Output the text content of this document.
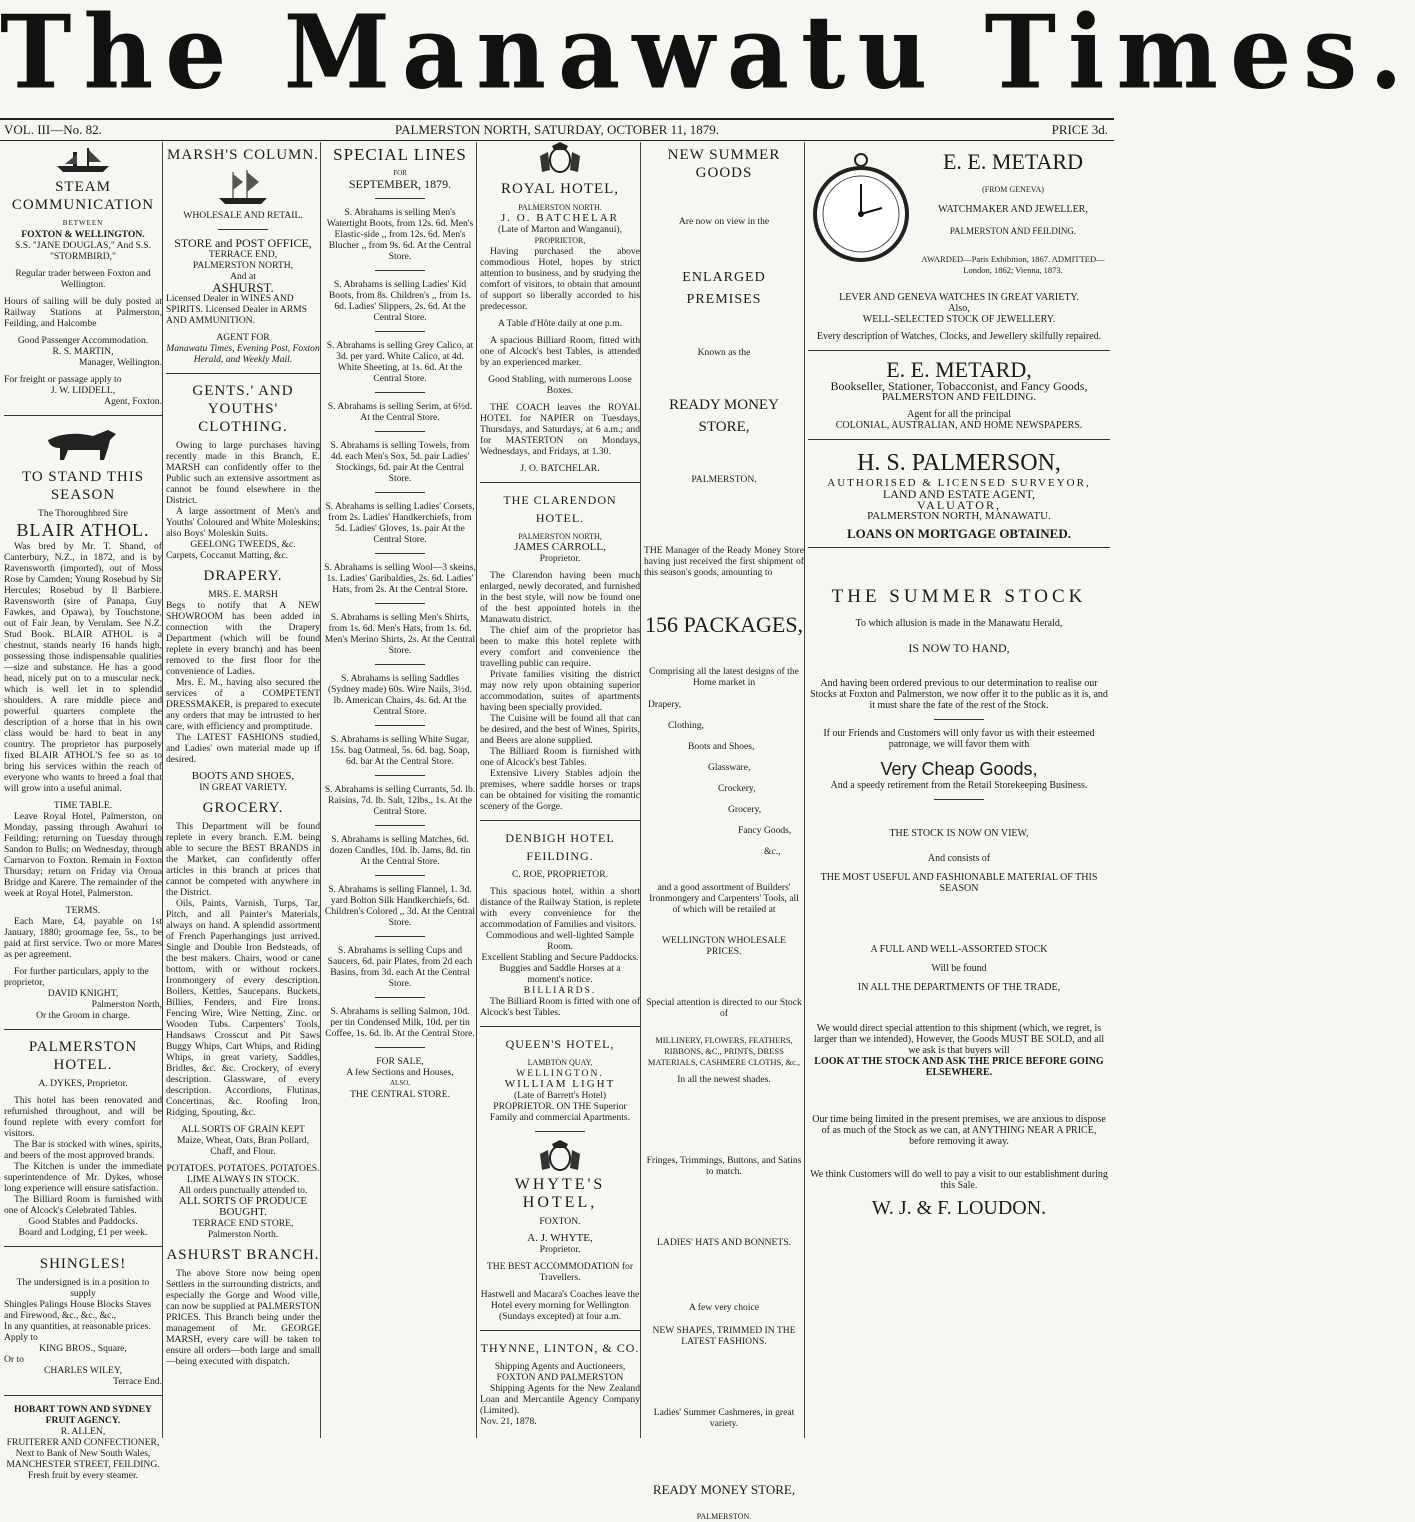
The Manawatu Times.
VOL. III—No. 82.	PALMERSTON NORTH, SATURDAY, OCTOBER 11, 1879.	PRICE 3d.
STEAM COMMUNICATION
BETWEEN
FOXTON & WELLINGTON.
S.S. "JANE DOUGLAS," And S.S. "STORMBIRD,"
Regular trader between Foxton and Wellington.
Hours of sailing will be duly posted at Railway Stations at Palmerston, Feilding, and Halcombe
Good Passenger Accommodation.
R. S. MARTIN,
Manager, Wellington.
For freight or passage apply to
J. W. LIDDELL,
Agent, Foxton.
TO STAND THIS SEASON
The Thoroughbred Sire
BLAIR ATHOL.
Was bred by Mr. T. Shand, of Canterbury, N.Z., in 1872, and is by Ravensworth (imported), out of Moss Rose by Camden; Young Rosebud by Sir Hercules; Rosebud by Il Barbiere. Ravensworth (sire of Panapa, Guy Fawkes, and Opawa), by Touchstone, out of Fair Jean, by Verulam. See N.Z. Stud Book. BLAIR ATHOL is a chestnut, stands nearly 16 hands high, possessing those indispensable qualities—size and substance. He has a good head, nicely put on to a muscular neck, which is well let in to splendid shoulders. A rare middle piece and powerful quarters complete the description of a horse that in his own class would be hard to beat in any country. The proprietor has purposely fixed BLAIR ATHOL'S fee so as to bring his services within the reach of everyone who wants to breed a foal that will grow into a useful animal.
TIME TABLE.
Leave Royal Hotel, Palmerston, on Monday, passing through Awahuri to Feilding; returning on Tuesday through Sandon to Bulls; on Wednesday, through Carnarvon to Foxton. Remain in Foxton Thursday; return on Friday via Oroua Bridge and Karere. The remainder of the week at Royal Hotel, Palmerston.
TERMS.
Each Mare, £4, payable on 1st January, 1880; groomage fee, 5s., to be paid at first service. Two or more Mares as per agreement.
For further particulars, apply to the proprietor,
DAVID KNIGHT,
Palmerston North,
Or the Groom in charge.
PALMERSTON HOTEL.
A. DYKES, Proprietor.
This hotel has been renovated and refurnished throughout, and will be found replete with every comfort for visitors.
The Bar is stocked with wines, spirits, and beers of the most approved brands.
The Kitchen is under the immediate superintendence of Mr. Dykes, whose long experience will ensure satisfaction.
The Billiard Room is furnished with one of Alcock's Celebrated Tables.
Good Stables and Paddocks.
Board and Lodging, £1 per week.
SHINGLES!
The undersigned is in a position to supply
Shingles Palings House Blocks Staves and Firewood, &c., &c., &c.,
In any quantities, at reasonable prices. Apply to
KING BROS., Square,
Or to
CHARLES WILEY,
Terrace End.
HOBART TOWN AND SYDNEY FRUIT AGENCY.
R. ALLEN,
FRUITERER AND CONFECTIONER, Next to Bank of New South Wales, MANCHESTER STREET, FEILDING.
Fresh fruit by every steamer.
MARSH'S COLUMN.
WHOLESALE AND RETAIL.
STORE and POST OFFICE,
TERRACE END,
PALMERSTON NORTH,
And at
ASHURST.
Licensed Dealer in WINES AND SPIRITS. Licensed Dealer in ARMS AND AMMUNITION.
AGENT FOR
Manawatu Times, Evening Post, Foxton Herald, and Weekly Mail.
GENTS.' AND YOUTHS' CLOTHING.
Owing to large purchases having recently made in this Branch, E. MARSH can confidently offer to the Public such an extensive assortment as cannot be found elsewhere in the District.
A large assortment of Men's and Youths' Coloured and White Moleskins; also Boys' Moleskin Suits.
GEELONG TWEEDS, &c.
Carpets, Coccanut Matting, &c.
DRAPERY.
MRS. E. MARSH
Begs to notify that A NEW SHOWROOM has been added in connection with the Drapery Department (which will be found replete in every branch) and has been removed to the first floor for the convenience of Ladies.
Mrs. E. M., having also secured the services of a COMPETENT DRESSMAKER, is prepared to execute any orders that may be intrusted to her care, with efficiency and promptitude.
The LATEST FASHIONS studied, and Ladies' own material made up if desired.
BOOTS AND SHOES,
IN GREAT VARIETY.
GROCERY.
This Department will be found replete in every branch. E.M. being able to secure the BEST BRANDS in the Market, can confidently offer articles in this branch at prices that cannot be competed with anywhere in the District.
Oils, Paints, Varnish, Turps, Tar, Pitch, and all Painter's Materials, always on hand. A splendid assortment of French Paperhangings just arrived. Single and Double Iron Bedsteads, of the best makers. Chairs, wood or cane bottom, with or without rockers. Ironmongery of every description. Boilers, Kettles, Saucepans. Buckets, Billies, Fenders, and Fire Irons. Fencing Wire, Wire Netting, Zinc. or Wooden Tubs. Carpenters' Tools, Handsaws Crosscut and Pit Saws Buggy Whips, Cart Whips, and Riding Whips, in great variety, Saddles, Bridles, &c. &c. Crockery, of every description. Glassware, of every description. Accordions, Flutinas, Concertinas, &c. Roofing Iron, Ridging, Spouting, &c.
ALL SORTS OF GRAIN KEPT
Maize, Wheat, Oats, Bran Pollard, Chaff, and Flour.
POTATOES. POTATOES. POTATOES.
LIME ALWAYS IN STOCK.
All orders punctually attended to.
ALL SORTS OF PRODUCE BOUGHT.
TERRACE END STORE,
Palmerston North.
ASHURST BRANCH.
The above Store now being open Settlers in the surrounding districts, and especially the Gorge and Wood ville, can now be supplied at PALMERSTON PRICES. This Branch being under the management of Mr. GEORGE MARSH, every care will be taken to ensure all orders—both large and small—being executed with dispatch.
SPECIAL LINES
FOR
SEPTEMBER, 1879.
S. Abrahams is selling Men's Watertight Boots, from 12s. 6d. Men's Elastic-side ,, from 12s. 6d. Men's Blucher ,, from 9s. 6d. At the Central Store.
S. Abrahams is selling Ladies' Kid Boots, from 8s. Children's ,, from 1s. 6d. Ladies' Slippers, 2s. 6d. At the Central Store.
S. Abrahams is selling Grey Calico, at 3d. per yard. White Calico, at 4d. White Sheeting, at 1s. 6d. At the Central Store.
S. Abrahams is selling Serim, at 6½d. At the Central Store.
S. Abrahams is selling Towels, from 4d. each Men's Sox, 5d. pair Ladies' Stockings, 6d. pair At the Central Store.
S. Abrahams is selling Ladies' Corsets, from 2s. Ladies' Handkerchiefs, from 5d. Ladies' Gloves, 1s. pair At the Central Store.
S. Abrahams is selling Wool—3 skeins, 1s. Ladies' Garibaldies, 2s. 6d. Ladies' Hats, from 2s. At the Central Store.
S. Abrahams is selling Men's Shirts, from 1s. 6d. Men's Hats, from 1s. 6d. Men's Merino Shirts, 2s. At the Central Store.
S. Abrahams is selling Saddles (Sydney made) 60s. Wire Nails, 3½d. lb. American Chairs, 4s. 6d. At the Central Store.
S. Abrahams is selling White Sugar, 15s. bag Oatmeal, 5s. 6d. bag. Soap, 6d. bar At the Central Store.
S. Abrahams is selling Currants, 5d. lb. Raisins, 7d. lb. Salt, 12lbs., 1s. At the Central Store.
S. Abrahams is selling Matches, 6d. dozen Candles, 10d. lb. Jams, 8d. tin At the Central Store.
S. Abrahams is selling Flannel, 1. 3d. yard Bolton Silk Handkerchiefs, 6d. Children's Colored ,, 3d. At the Central Store.
S. Abrahams is selling Cups and Saucers, 6d. pair Plates, from 2d each Basins, from 3d. each At the Central Store.
S. Abrahams is selling Salmon, 10d. per tin Condensed Milk, 10d. per tin Coffee, 1s. 6d. lb. At the Central Store.
FOR SALE,
A few Sections and Houses,
ALSO,
THE CENTRAL STORE.
ROYAL HOTEL,
PALMERSTON NORTH.
J. O. BATCHELAR
(Late of Marton and Wanganui),
PROPRIETOR,
Having purchased the above commodious Hotel, hopes by strict attention to business, and by studying the comfort of visitors, to obtain that amount of support so liberally accorded to his predecessor.
A Table d'Hôte daily at one p.m.
A spacious Billiard Room, fitted with one of Alcock's best Tables, is attended by an experienced marker.
Good Stabling, with numerous Loose Boxes.
THE COACH leaves the ROYAL HOTEL for NAPIER on Tuesdays, Thursdays, and Saturdays, at 6 a.m.; and for MASTERTON on Mondays, Wednesdays, and Fridays, at 1.30.
J. O. BATCHELAR.
THE CLARENDON HOTEL.
PALMERSTON NORTH,
JAMES CARROLL,
Proprietor.
The Clarendon having been much enlarged, newly decorated, and furnished in the best style, will now be found one of the best appointed hotels in the Manawatu district.
The chief aim of the proprietor has been to make this hotel replete with every comfort and convenience the travelling public can require.
Private families visiting the district may now rely upon obtaining superior accommodation, suites of apartments having been specially provided.
The Cuisine will be found all that can be desired, and the best of Wines, Spirits, and Beers are alone supplied.
The Billiard Room is furnished with one of Alcock's best Tables.
Extensive Livery Stables adjoin the premises, where saddle horses or traps can be obtained for visiting the romantic scenery of the Gorge.
DENBIGH HOTEL FEILDING.
C. ROE, PROPRIETOR.
This spacious hotel, within a short distance of the Railway Station, is replete with every convenience for the accommodation of Families and visitors.
Commodious and well-lighted Sample Room.
Excellent Stabling and Secure Paddocks.
Buggies and Saddle Horses at a moment's notice.
BILLIARDS.
The Billiard Room is fitted with one of Alcock's best Tables.
QUEEN'S HOTEL,
LAMBTON QUAY,
WELLINGTON.
WILLIAM LIGHT
(Late of Barrett's Hotel)
PROPRIETOR. ON THE Superior Family and commercial Apartments.
WHYTE'S HOTEL,
FOXTON.
A. J. WHYTE,
Proprietor.
THE BEST ACCOMMODATION for Travellers.
Hastwell and Macara's Coaches leave the Hotel every morning for Wellington (Sundays excepted) at four a.m.
THYNNE, LINTON, & CO.
Shipping Agents and Auctioneers,
FOXTON AND PALMERSTON
Shipping Agents for the New Zealand Loan and Mercantile Agency Company (Limited).
Nov. 21, 1878.
NEW SUMMER GOODS
Are now on view in the
ENLARGED PREMISES
Known as the
READY MONEY STORE,
PALMERSTON.
THE Manager of the Ready Money Store having just received the first shipment of this season's goods, amounting to
156 PACKAGES,
Comprising all the latest designs of the Home market in
Drapery,
Clothing,
Boots and Shoes,
Glassware,
Crockery,
Grocery,
Fancy Goods,
&c.,
and a good assortment of Builders' Ironmongery and Carpenters' Tools, all of which will be retailed at
WELLINGTON WHOLESALE PRICES.
Special attention is directed to our Stock of
MILLINERY, FLOWERS, FEATHERS, RIBBONS, &C., PRINTS, DRESS MATERIALS, CASHMERE CLOTHS, &c.,
In all the newest shades.
Fringes, Trimmings, Buttons, and Satins to match.
LADIES' HATS AND BONNETS.
A few very choice
NEW SHAPES, TRIMMED IN THE LATEST FASHIONS.
Ladies' Summer Cashmeres, in great variety.
READY MONEY STORE,
PALMERSTON.
E. E. METARD
(FROM GENEVA)
WATCHMAKER AND JEWELLER,
PALMERSTON AND FEILDING.
AWARDED—Paris Exhibition, 1867. ADMITTED—London, 1862; Vienna, 1873.
LEVER AND GENEVA WATCHES IN GREAT VARIETY.
Also,
WELL-SELECTED STOCK OF JEWELLERY.
Every description of Watches, Clocks, and Jewellery skilfully repaired.
E. E. METARD,
Bookseller, Stationer, Tobacconist, and Fancy Goods,
PALMERSTON AND FEILDING.
Agent for all the principal
COLONIAL, AUSTRALIAN, AND HOME NEWSPAPERS.
H. S. PALMERSON,
AUTHORISED & LICENSED SURVEYOR,
LAND AND ESTATE AGENT,
VALUATOR,
PALMERSTON NORTH, MANAWATU.
LOANS ON MORTGAGE OBTAINED.
THE SUMMER STOCK
To which allusion is made in the Manawatu Herald,
IS NOW TO HAND,
And having been ordered previous to our determination to realise our Stocks at Foxton and Palmerston, we now offer it to the public as it is, and it must share the fate of the rest of the Stock.
If our Friends and Customers will only favor us with their esteemed patronage, we will favor them with
Very Cheap Goods,
And a speedy retirement from the Retail Storekeeping Business.
THE STOCK IS NOW ON VIEW,
And consists of
THE MOST USEFUL AND FASHIONABLE MATERIAL OF THIS SEASON
A FULL AND WELL-ASSORTED STOCK
Will be found
IN ALL THE DEPARTMENTS OF THE TRADE,
We would direct special attention to this shipment (which, we regret, is larger than we intended), However, the Goods MUST BE SOLD, and all we ask is that buyers will
LOOK AT THE STOCK AND ASK THE PRICE BEFORE GOING ELSEWHERE.
Our time being limited in the present premises, we are anxious to dispose of as much of the Stock as we can, at ANYTHING NEAR A PRICE, before removing it away.
We think Customers will do well to pay a visit to our establishment during this Sale.
W. J. & F. LOUDON.
